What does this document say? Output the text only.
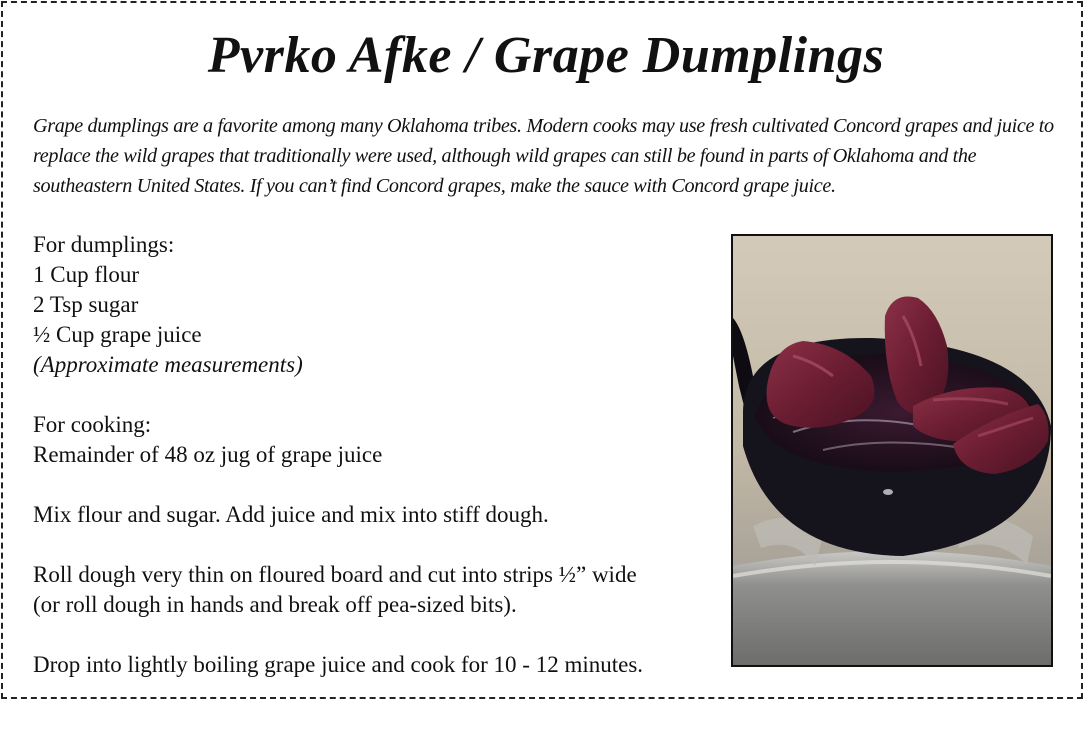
Pvrko Afke / Grape Dumplings

Grape dumplings are a favorite among many Oklahoma tribes. Modern cooks may use fresh cultivated Concord grapes and juice to replace the wild grapes that traditionally were used, although wild grapes can still be found in parts of Oklahoma and the southeastern United States. If you can’t find Concord grapes, make the sauce with Concord grape juice.

For dumplings:
1 Cup flour
2 Tsp sugar
½ Cup grape juice
(Approximate measurements)
For cooking:
Remainder of 48 oz jug of grape juice
Mix flour and sugar. Add juice and mix into stiff dough.
Roll dough very thin on floured board and cut into strips ½” wide
(or roll dough in hands and break off pea-sized bits).
Drop into lightly boiling grape juice and cook for 10 - 12 minutes.
